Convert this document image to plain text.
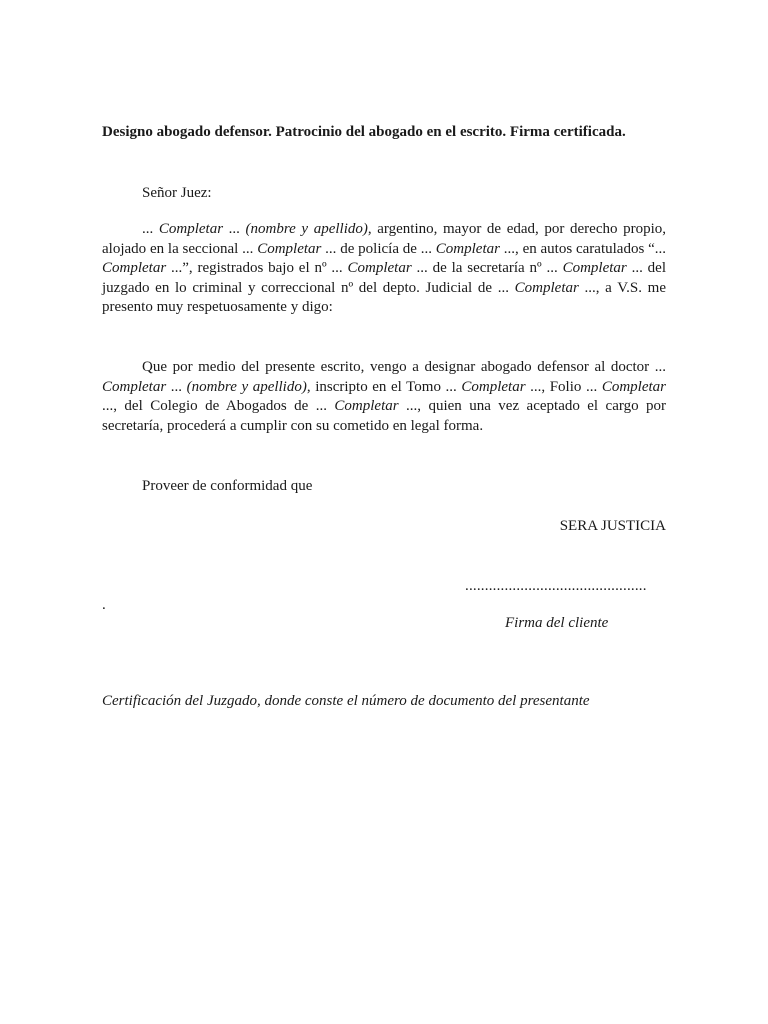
Designo abogado defensor. Patrocinio del abogado en el escrito. Firma certificada.
Señor Juez:
... Completar ... (nombre y apellido), argentino, mayor de edad, por derecho propio, alojado en la seccional ... Completar ... de policía de ... Completar ..., en autos caratulados “... Completar ...”, registrados bajo el nº ... Completar ... de la secretaría nº ... Completar ... del juzgado en lo criminal y correccional nº del depto. Judicial de ... Completar ..., a V.S. me presento muy respetuosamente y digo:
Que por medio del presente escrito, vengo a designar abogado defensor al doctor ... Completar ... (nombre y apellido), inscripto en el Tomo ... Completar ..., Folio ... Completar ..., del Colegio de Abogados de ... Completar ..., quien una vez aceptado el cargo por secretaría, procederá a cumplir con su cometido en legal forma.
Proveer de conformidad que
SERA JUSTICIA
..............................................
.
Firma del cliente
Certificación del Juzgado, donde conste el número de documento del presentante
